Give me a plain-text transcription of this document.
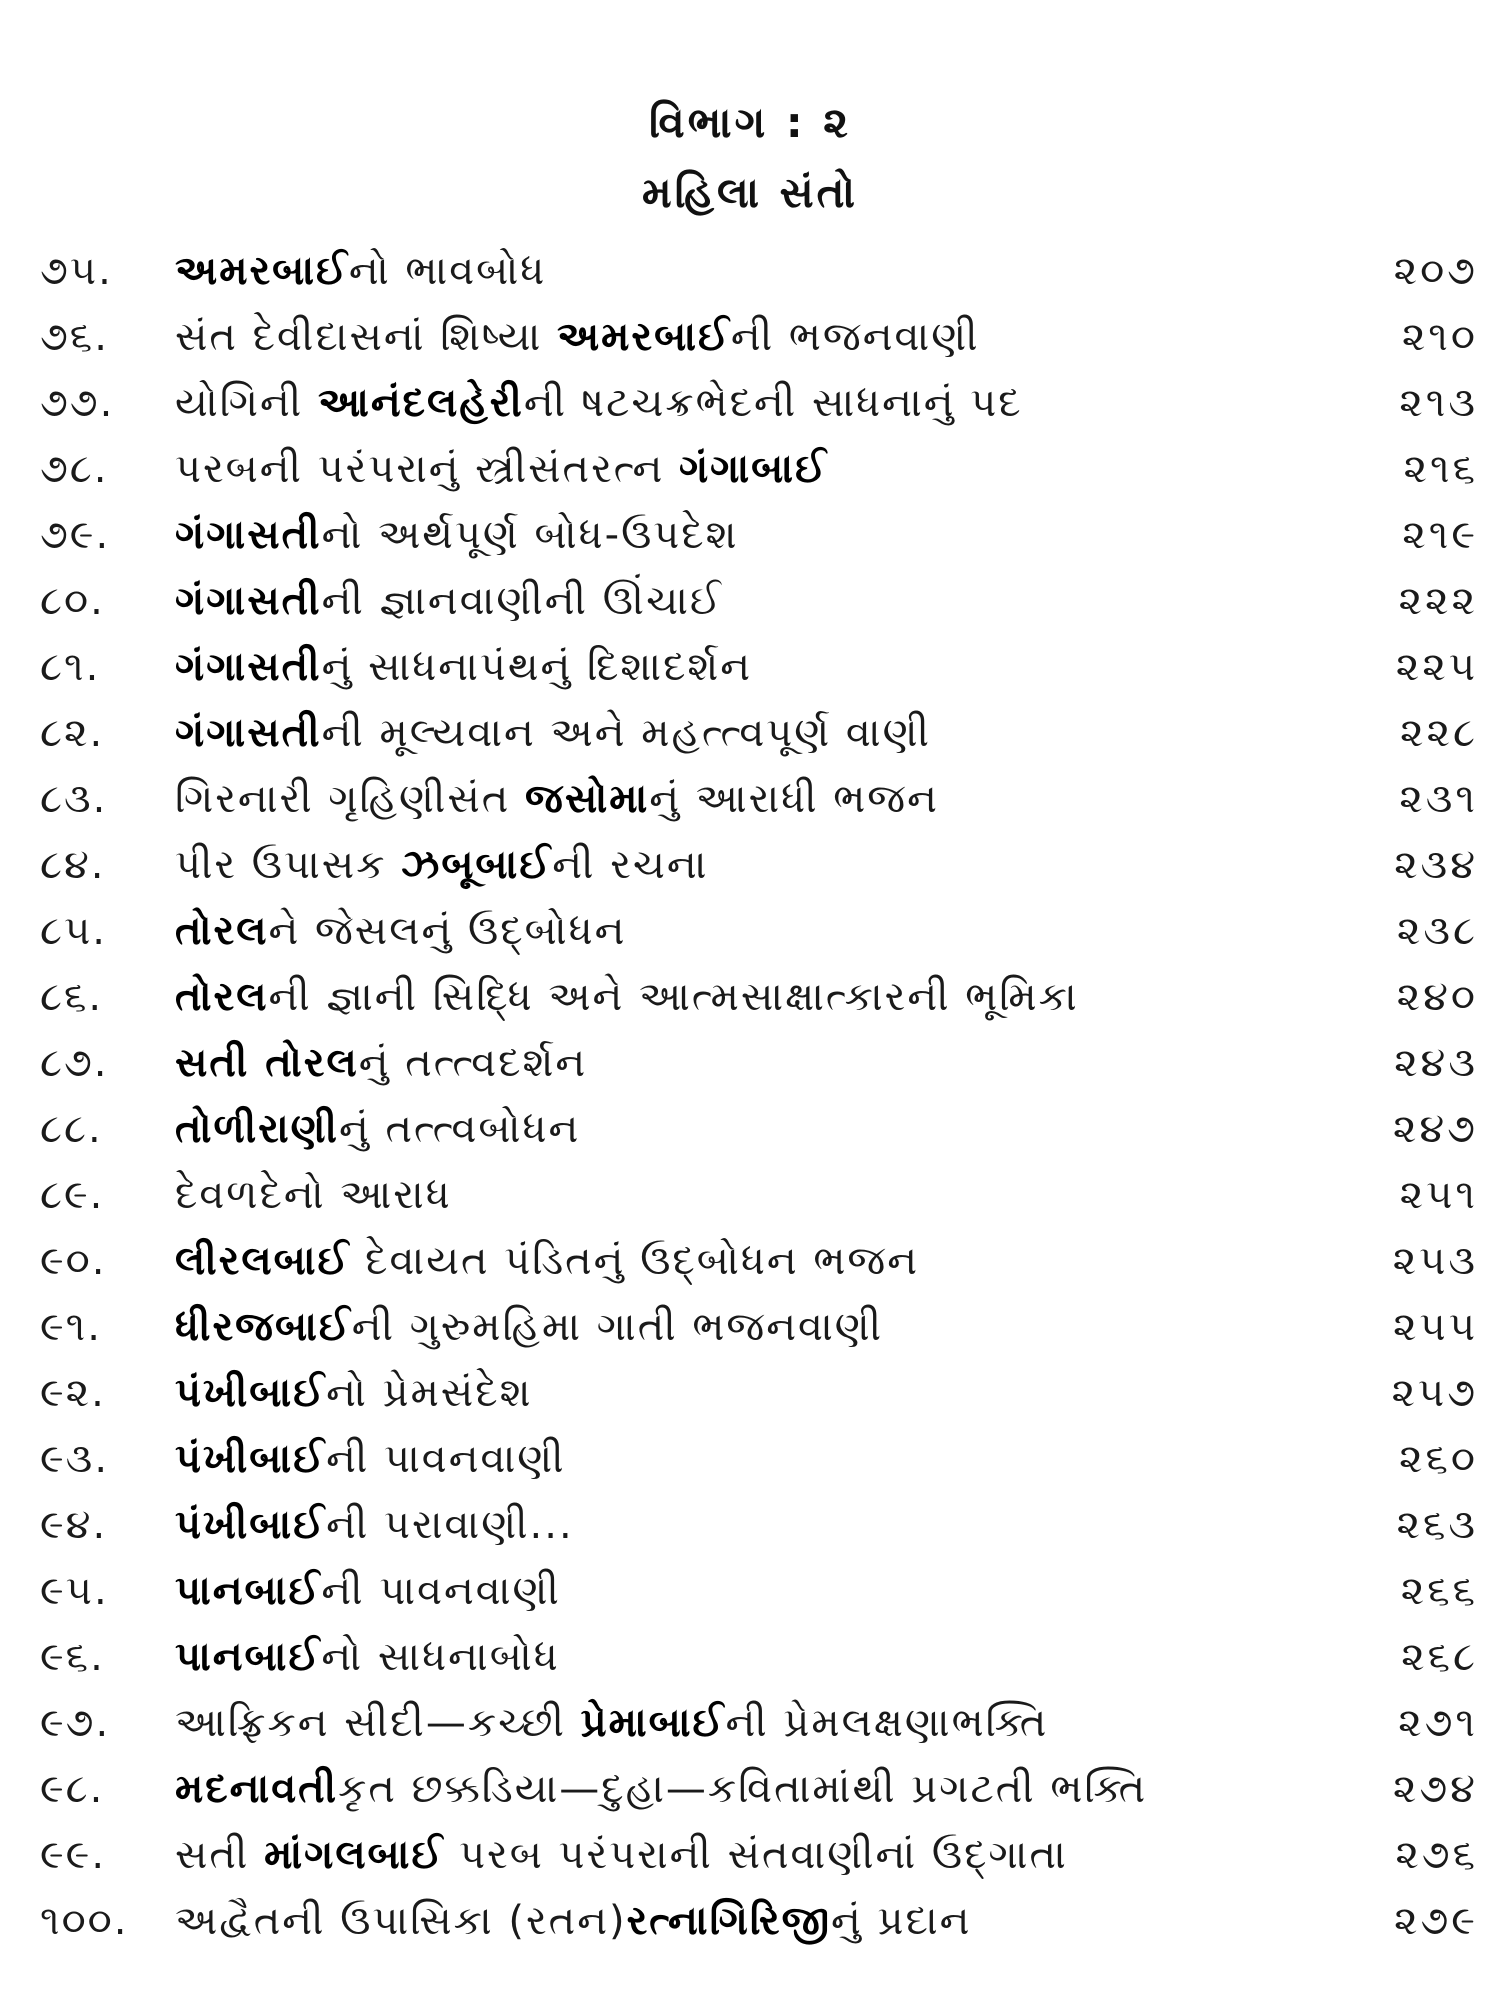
વિભાગ : ૨
મહિલા સંતો
૭૫. અમરબાઈનો ભાવબોધ	૨૦૭
૭૬. સંત દેવીદાસનાં શિષ્યા અમરબાઈની ભજનવાણી	૨૧૦
૭૭. યોગિની આનંદલહેરીની ષટચક્રભેદની સાધનાનું પદ	૨૧૩
૭૮. પરબની પરંપરાનું સ્ત્રીસંતરત્ન ગંગાબાઈ	૨૧૬
૭૯. ગંગાસતીનો અર્થપૂર્ણ બોધ-ઉપદેશ	૨૧૯
૮૦. ગંગાસતીની જ્ઞાનવાણીની ઊંચાઈ	૨૨૨
૮૧. ગંગાસતીનું સાધનાપંથનું દિશાદર્શન	૨૨૫
૮૨. ગંગાસતીની મૂલ્યવાન અને મહત્ત્વપૂર્ણ વાણી	૨૨૮
૮૩. ગિરનારી ગૃહિણીસંત જસોમાનું આરાધી ભજન	૨૩૧
૮૪. પીર ઉપાસક ઝબૂબાઈની રચના	૨૩૪
૮૫. તોરલને જેસલનું ઉદ્‌બોધન	૨૩૮
૮૬. તોરલની જ્ઞાની સિદ્ધિ અને આત્મસાક્ષાત્કારની ભૂમિકા	૨૪૦
૮૭. સતી તોરલનું તત્ત્વદર્શન	૨૪૩
૮૮. તોળીરાણીનું તત્ત્વબોધન	૨૪૭
૮૯. દેવળદેનો આરાધ	૨૫૧
૯૦. લીરલબાઈ દેવાયત પંડિતનું ઉદ્‌બોધન ભજન	૨૫૩
૯૧. ધીરજબાઈની ગુરુમહિમા ગાતી ભજનવાણી	૨૫૫
૯૨. પંખીબાઈનો પ્રેમસંદેશ	૨૫૭
૯૩. પંખીબાઈની પાવનવાણી	૨૬૦
૯૪. પંખીબાઈની પરાવાણી...	૨૬૩
૯૫. પાનબાઈની પાવનવાણી	૨૬૬
૯૬. પાનબાઈનો સાધનાબોધ	૨૬૮
૯૭. આફ્રિકન સીદી—કચ્છી પ્રેમાબાઈની પ્રેમલક્ષણાભક્તિ	૨૭૧
૯૮. મદનાવતીકૃત છક્કડિયા—દુહા—કવિતામાંથી પ્રગટતી ભક્તિ	૨૭૪
૯૯. સતી માંગલબાઈ પરબ પરંપરાની સંતવાણીનાં ઉદ્‌ગાતા	૨૭૬
૧૦૦. અદ્વૈતની ઉપાસિકા (રતન)રત્નાગિરિજીનું પ્રદાન	૨૭૯
